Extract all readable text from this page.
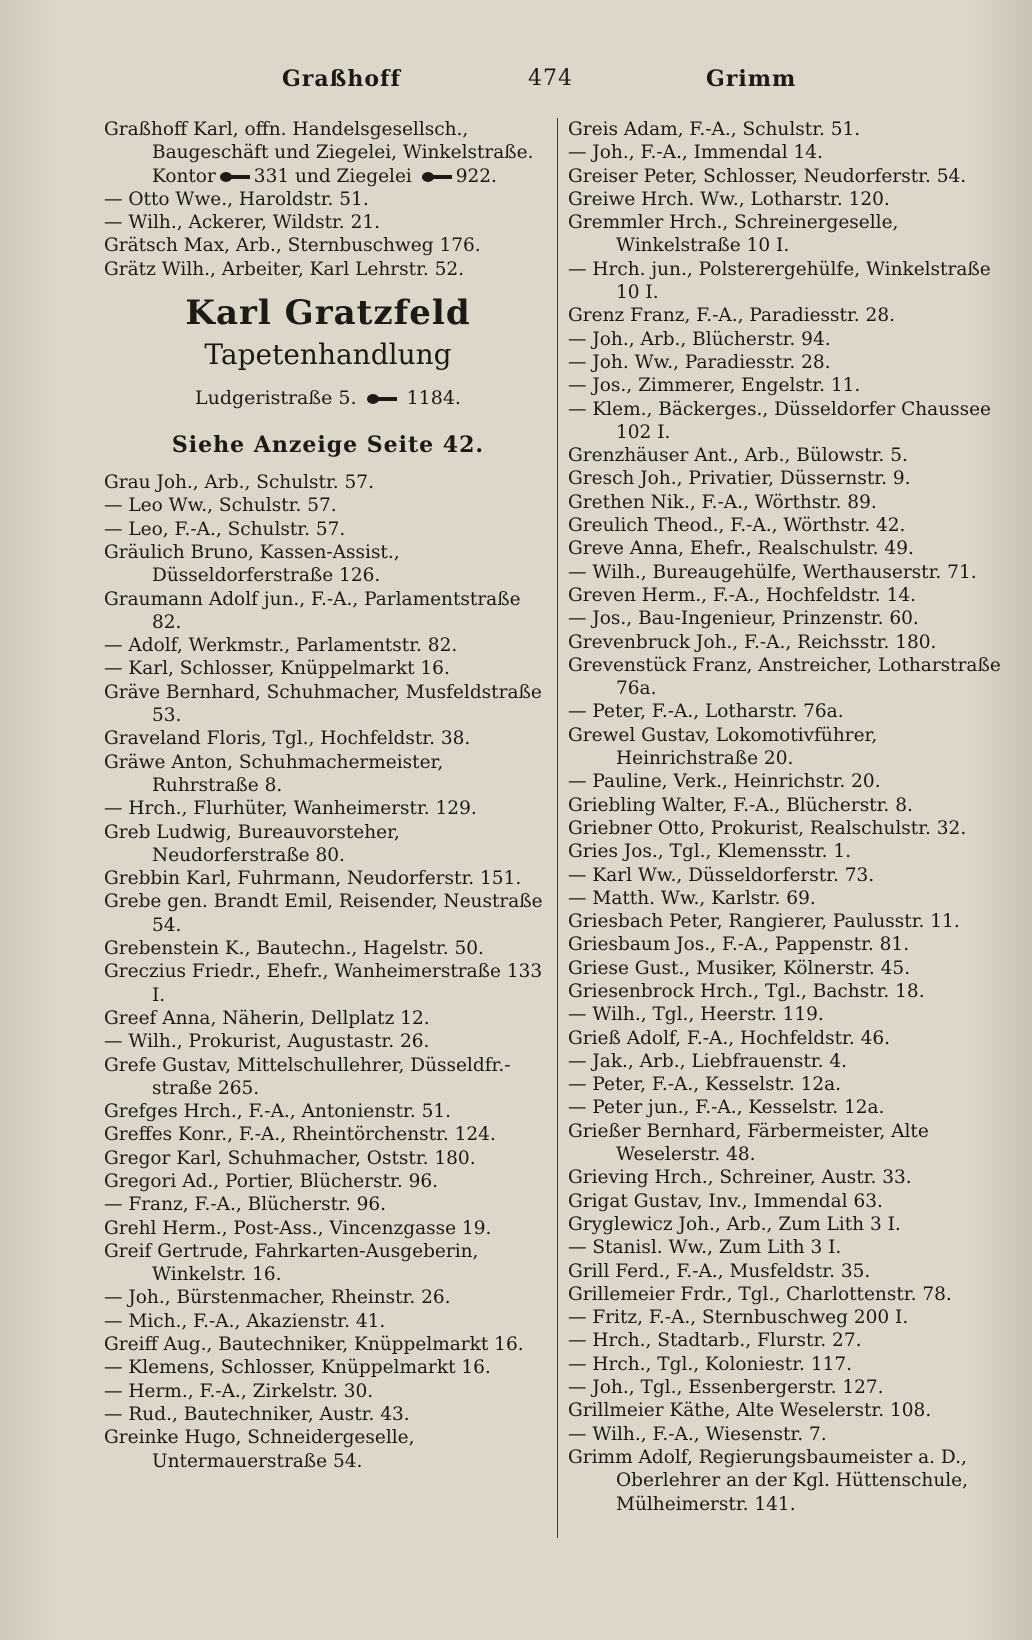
Graßhoff	474	Grimm
Graßhoff Karl, offn. Handelsgesellsch., Baugeschäft und Ziegelei, Winkelstraße. Kontor 331 und Ziegelei 922.
— Otto Wwe., Haroldstr. 51.
— Wilh., Ackerer, Wildstr. 21.
Grätsch Max, Arb., Sternbuschweg 176.
Grätz Wilh., Arbeiter, Karl Lehrstr. 52.
Karl Gratzfeld
Tapetenhandlung
Ludgeristraße 5.	1184.
Siehe Anzeige Seite 42.
Grau Joh., Arb., Schulstr. 57.
— Leo Ww., Schulstr. 57.
— Leo, F.-A., Schulstr. 57.
Gräulich Bruno, Kassen-Assist., Düsseldorferstraße 126.
Graumann Adolf jun., F.-A., Parlamentstraße 82.
— Adolf, Werkmstr., Parlamentstr. 82.
— Karl, Schlosser, Knüppelmarkt 16.
Gräve Bernhard, Schuhmacher, Musfeldstraße 53.
Graveland Floris, Tgl., Hochfeldstr. 38.
Gräwe Anton, Schuhmachermeister, Ruhrstraße 8.
— Hrch., Flurhüter, Wanheimerstr. 129.
Greb Ludwig, Bureauvorsteher, Neudorferstraße 80.
Grebbin Karl, Fuhrmann, Neudorferstr. 151.
Grebe gen. Brandt Emil, Reisender, Neustraße 54.
Grebenstein K., Bautechn., Hagelstr. 50.
Greczius Friedr., Ehefr., Wanheimerstraße 133 I.
Greef Anna, Näherin, Dellplatz 12.
— Wilh., Prokurist, Augustastr. 26.
Grefe Gustav, Mittelschullehrer, Düsseldfr.-straße 265.
Grefges Hrch., F.-A., Antonienstr. 51.
Greffes Konr., F.-A., Rheintörchenstr. 124.
Gregor Karl, Schuhmacher, Oststr. 180.
Gregori Ad., Portier, Blücherstr. 96.
— Franz, F.-A., Blücherstr. 96.
Grehl Herm., Post-Ass., Vincenzgasse 19.
Greif Gertrude, Fahrkarten-Ausgeberin, Winkelstr. 16.
— Joh., Bürstenmacher, Rheinstr. 26.
— Mich., F.-A., Akazienstr. 41.
Greiff Aug., Bautechniker, Knüppelmarkt 16.
— Klemens, Schlosser, Knüppelmarkt 16.
— Herm., F.-A., Zirkelstr. 30.
— Rud., Bautechniker, Austr. 43.
Greinke Hugo, Schneidergeselle, Untermauerstraße 54.
Greis Adam, F.-A., Schulstr. 51.
— Joh., F.-A., Immendal 14.
Greiser Peter, Schlosser, Neudorferstr. 54.
Greiwe Hrch. Ww., Lotharstr. 120.
Gremmler Hrch., Schreinergeselle, Winkelstraße 10 I.
— Hrch. jun., Polsterergehülfe, Winkelstraße 10 I.
Grenz Franz, F.-A., Paradiesstr. 28.
— Joh., Arb., Blücherstr. 94.
— Joh. Ww., Paradiesstr. 28.
— Jos., Zimmerer, Engelstr. 11.
— Klem., Bäckerges., Düsseldorfer Chaussee 102 I.
Grenzhäuser Ant., Arb., Bülowstr. 5.
Gresch Joh., Privatier, Düssernstr. 9.
Grethen Nik., F.-A., Wörthstr. 89.
Greulich Theod., F.-A., Wörthstr. 42.
Greve Anna, Ehefr., Realschulstr. 49.
— Wilh., Bureaugehülfe, Werthauserstr. 71.
Greven Herm., F.-A., Hochfeldstr. 14.
— Jos., Bau-Ingenieur, Prinzenstr. 60.
Grevenbruck Joh., F.-A., Reichsstr. 180.
Grevenstück Franz, Anstreicher, Lotharstraße 76a.
— Peter, F.-A., Lotharstr. 76a.
Grewel Gustav, Lokomotivführer, Heinrichstraße 20.
— Pauline, Verk., Heinrichstr. 20.
Griebling Walter, F.-A., Blücherstr. 8.
Griebner Otto, Prokurist, Realschulstr. 32.
Gries Jos., Tgl., Klemensstr. 1.
— Karl Ww., Düsseldorferstr. 73.
— Matth. Ww., Karlstr. 69.
Griesbach Peter, Rangierer, Paulusstr. 11.
Griesbaum Jos., F.-A., Pappenstr. 81.
Griese Gust., Musiker, Kölnerstr. 45.
Griesenbrock Hrch., Tgl., Bachstr. 18.
— Wilh., Tgl., Heerstr. 119.
Grieß Adolf, F.-A., Hochfeldstr. 46.
— Jak., Arb., Liebfrauenstr. 4.
— Peter, F.-A., Kesselstr. 12a.
— Peter jun., F.-A., Kesselstr. 12a.
Grießer Bernhard, Färbermeister, Alte Weselerstr. 48.
Grieving Hrch., Schreiner, Austr. 33.
Grigat Gustav, Inv., Immendal 63.
Gryglewicz Joh., Arb., Zum Lith 3 I.
— Stanisl. Ww., Zum Lith 3 I.
Grill Ferd., F.-A., Musfeldstr. 35.
Grillemeier Frdr., Tgl., Charlottenstr. 78.
— Fritz, F.-A., Sternbuschweg 200 I.
— Hrch., Stadtarb., Flurstr. 27.
— Hrch., Tgl., Koloniestr. 117.
— Joh., Tgl., Essenbergerstr. 127.
Grillmeier Käthe, Alte Weselerstr. 108.
— Wilh., F.-A., Wiesenstr. 7.
Grimm Adolf, Regierungsbaumeister a. D., Oberlehrer an der Kgl. Hüttenschule, Mülheimerstr. 141.
